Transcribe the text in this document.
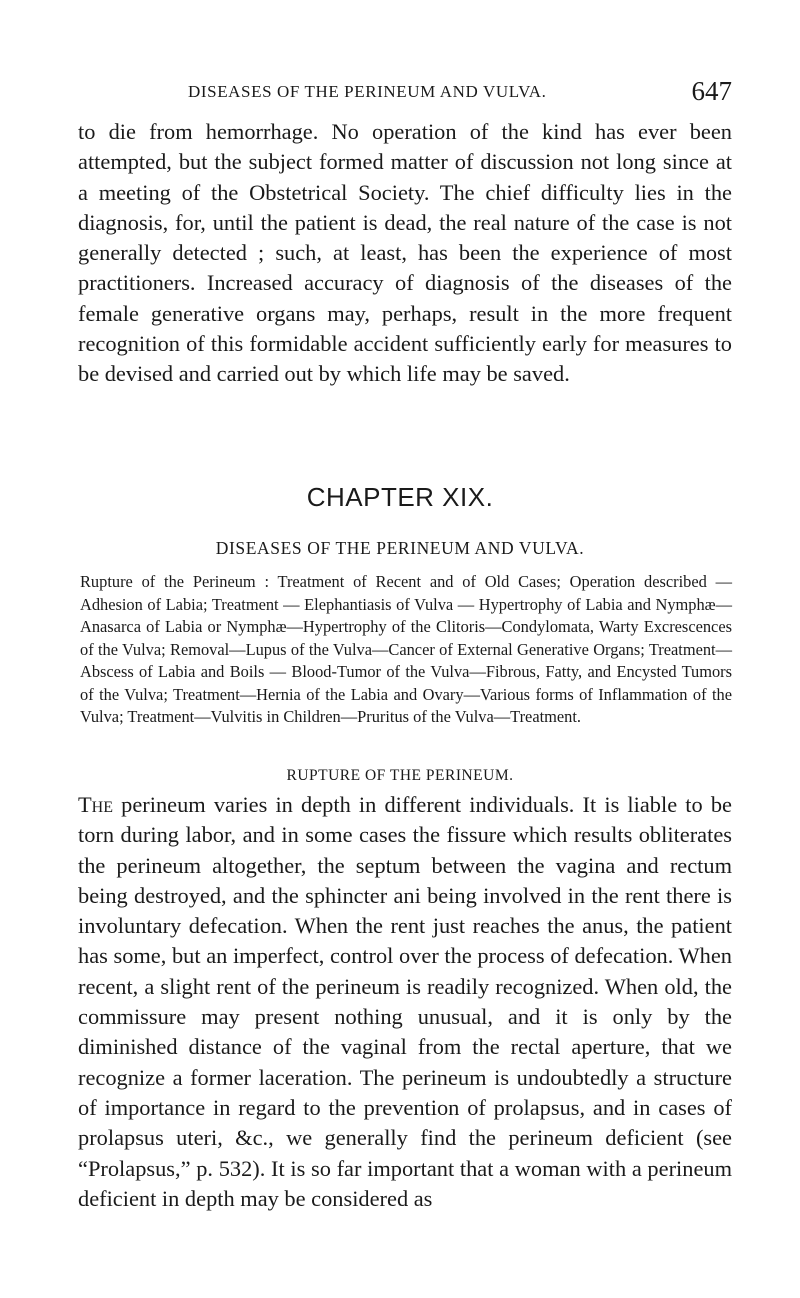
DISEASES OF THE PERINEUM AND VULVA.	647

to die from hemorrhage. No operation of the kind has ever been attempted, but the subject formed matter of discussion not long since at a meeting of the Obstetrical Society. The chief difficulty lies in the diagnosis, for, until the patient is dead, the real nature of the case is not generally detected ; such, at least, has been the experience of most practitioners. Increased accuracy of diagnosis of the diseases of the female generative organs may, perhaps, result in the more frequent recognition of this formidable accident sufficiently early for measures to be devised and carried out by which life may be saved.

CHAPTER XIX.
DISEASES OF THE PERINEUM AND VULVA.

Rupture of the Perineum : Treatment of Recent and of Old Cases; Operation described — Adhesion of Labia; Treatment — Elephantiasis of Vulva — Hypertrophy of Labia and Nymphæ—Anasarca of Labia or Nymphæ—Hypertrophy of the Clitoris—Condylomata, Warty Excrescences of the Vulva; Removal—Lupus of the Vulva—Cancer of External Generative Organs; Treatment—Abscess of Labia and Boils — Blood-Tumor of the Vulva—Fibrous, Fatty, and Encysted Tumors of the Vulva; Treatment—Hernia of the Labia and Ovary—Various forms of Inflammation of the Vulva; Treatment—Vulvitis in Children—Pruritus of the Vulva—Treatment.

RUPTURE OF THE PERINEUM.

The perineum varies in depth in different individuals. It is liable to be torn during labor, and in some cases the fissure which results obliterates the perineum altogether, the septum between the vagina and rectum being destroyed, and the sphincter ani being involved in the rent there is involuntary defecation. When the rent just reaches the anus, the patient has some, but an imperfect, control over the process of defecation. When recent, a slight rent of the perineum is readily recognized. When old, the commissure may present nothing unusual, and it is only by the diminished distance of the vaginal from the rectal aperture, that we recognize a former laceration. The perineum is undoubtedly a structure of importance in regard to the prevention of prolapsus, and in cases of prolapsus uteri, &c., we generally find the perineum deficient (see “Prolapsus,” p. 532). It is so far important that a woman with a perineum deficient in depth may be considered as
